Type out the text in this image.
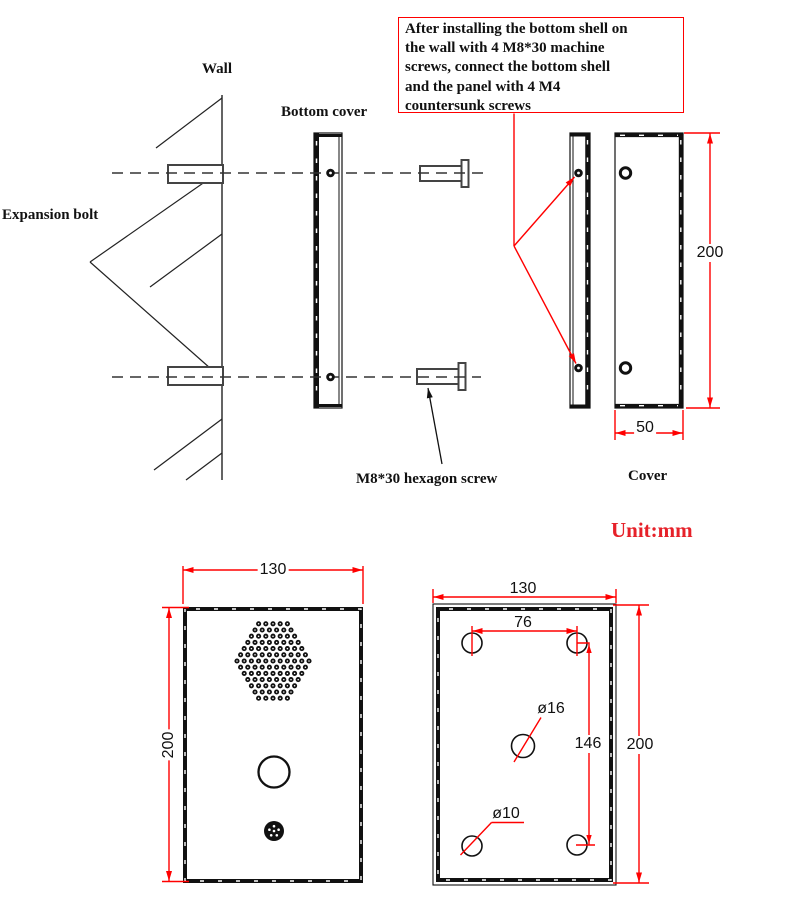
After installing the bottom shell on
the wall with 4 M8*30 machine
screws, connect the bottom shell
and the panel with 4 M4
countersunk screws
Wall
Bottom cover
Expansion bolt
M8*30 hexagon screw	Cover
Unit:mm
200
50
130
200
130
200
76
146
ø16
ø10
